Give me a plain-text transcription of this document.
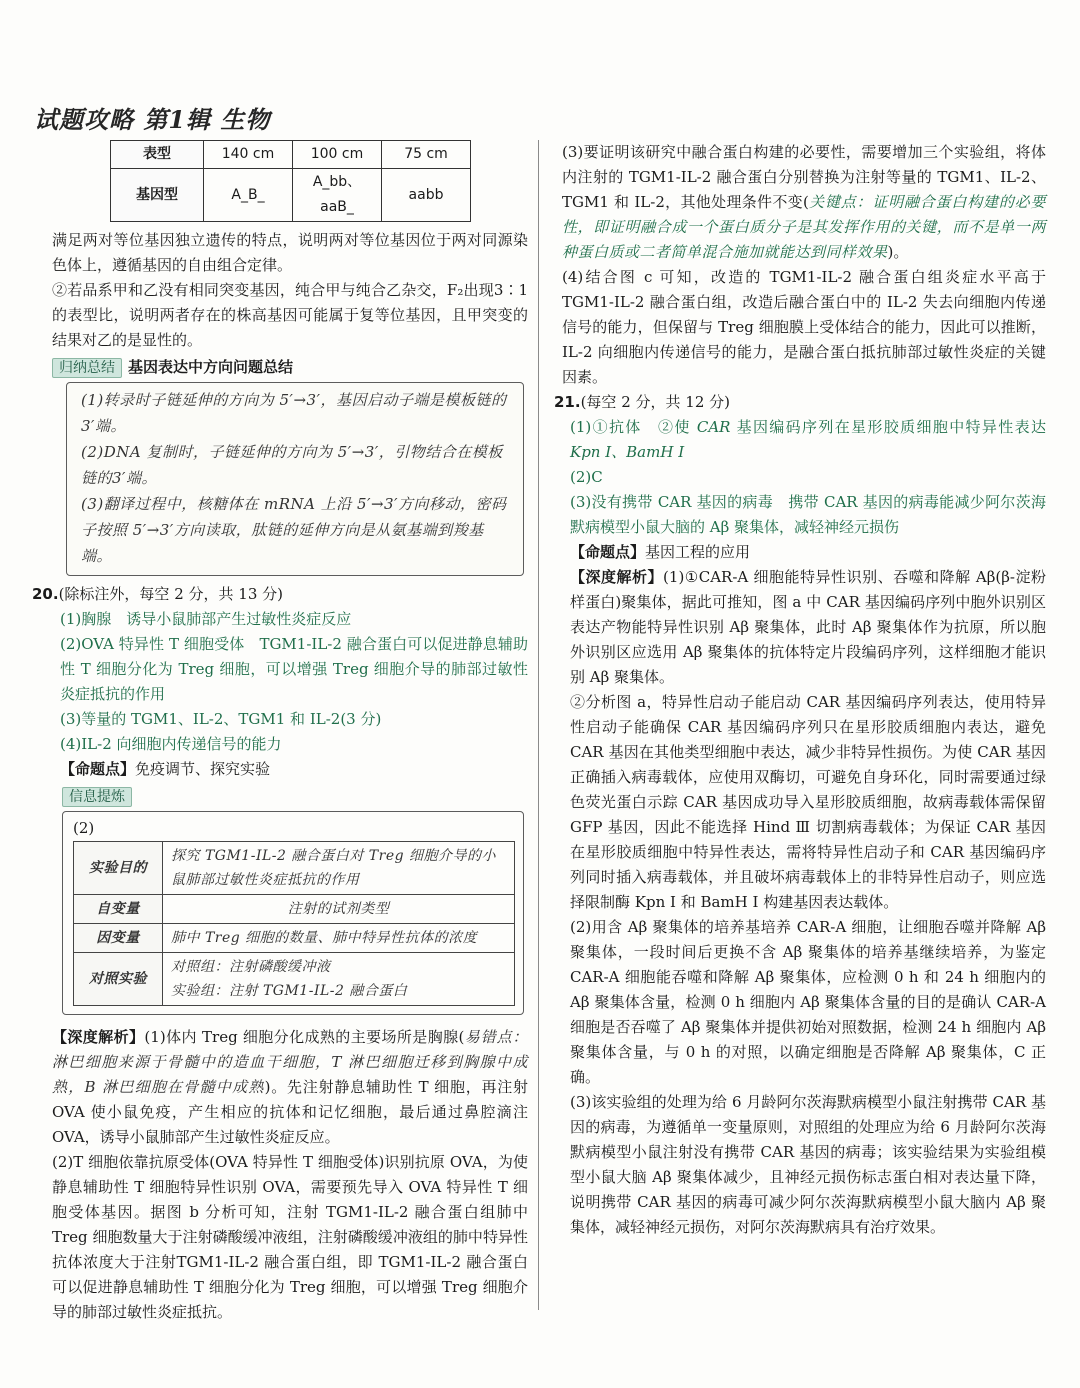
试题攻略 第1辑 生物
表型	140 cm	100 cm	75 cm
基因型	A_B_	A_bb、aaB_	aabb

满足两对等位基因独立遗传的特点，说明两对等位基因位于两对同源染色体上，遵循基因的自由组合定律。

②若品系甲和乙没有相同突变基因，纯合甲与纯合乙杂交，F₂出现3∶1的表型比，说明两者存在的株高基因可能属于复等位基因，且甲突变的结果对乙的是显性的。

归纳总结 基因表达中方向问题总结
(1)转录时子链延伸的方向为 5′→3′，基因启动子端是模板链的3′端。
(2)DNA 复制时，子链延伸的方向为 5′→3′，引物结合在模板链的3′端。
(3)翻译过程中，核糖体在 mRNA 上沿 5′→3′方向移动，密码子按照 5′→3′方向读取，肽链的延伸方向是从氨基端到羧基端。
20.(除标注外，每空 2 分，共 13 分)

(1)胸腺　诱导小鼠肺部产生过敏性炎症反应

(2)OVA 特异性 T 细胞受体　TGM1-IL-2 融合蛋白可以促进静息辅助性 T 细胞分化为 Treg 细胞，可以增强 Treg 细胞介导的肺部过敏性炎症抵抗的作用

(3)等量的 TGM1、IL-2、TGM1 和 IL-2(3 分)

(4)IL-2 向细胞内传递信号的能力

【命题点】免疫调节、探究实验

信息提炼
(2)
实验目的	探究 TGM1-IL-2 融合蛋白对 Treg 细胞介导的小鼠肺部过敏性炎症抵抗的作用
自变量	注射的试剂类型
因变量	肺中 Treg 细胞的数量、肺中特异性抗体的浓度
对照实验	对照组：注射磷酸缓冲液
实验组：注射 TGM1-IL-2 融合蛋白

【深度解析】(1)体内 Treg 细胞分化成熟的主要场所是胸腺(易错点：淋巴细胞来源于骨髓中的造血干细胞，T 淋巴细胞迁移到胸腺中成熟，B 淋巴细胞在骨髓中成熟)。先注射静息辅助性 T 细胞，再注射 OVA 使小鼠免疫，产生相应的抗体和记忆细胞，最后通过鼻腔滴注 OVA，诱导小鼠肺部产生过敏性炎症反应。

(2)T 细胞依靠抗原受体(OVA 特异性 T 细胞受体)识别抗原 OVA，为使静息辅助性 T 细胞特异性识别 OVA，需要预先导入 OVA 特异性 T 细胞受体基因。据图 b 分析可知，注射 TGM1-IL-2 融合蛋白组肺中 Treg 细胞数量大于注射磷酸缓冲液组，注射磷酸缓冲液组的肺中特异性抗体浓度大于注射TGM1-IL-2 融合蛋白组，即 TGM1-IL-2 融合蛋白可以促进静息辅助性 T 细胞分化为 Treg 细胞，可以增强 Treg 细胞介导的肺部过敏性炎症抵抗。

(3)要证明该研究中融合蛋白构建的必要性，需要增加三个实验组，将体内注射的 TGM1-IL-2 融合蛋白分别替换为注射等量的 TGM1、IL-2、TGM1 和 IL-2，其他处理条件不变(关键点：证明融合蛋白构建的必要性，即证明融合成一个蛋白质分子是其发挥作用的关键，而不是单一两种蛋白质或二者简单混合施加就能达到同样效果)。

(4)结合图 c 可知，改造的 TGM1-IL-2 融合蛋白组炎症水平高于 TGM1-IL-2 融合蛋白组，改造后融合蛋白中的 IL-2 失去向细胞内传递信号的能力，但保留与 Treg 细胞膜上受体结合的能力，因此可以推断，IL-2 向细胞内传递信号的能力，是融合蛋白抵抗肺部过敏性炎症的关键因素。

21.(每空 2 分，共 12 分)

(1)①抗体　②使 CAR 基因编码序列在星形胶质细胞中特异性表达　Kpn Ⅰ、BamH Ⅰ

(2)C

(3)没有携带 CAR 基因的病毒　携带 CAR 基因的病毒能减少阿尔茨海默病模型小鼠大脑的 Aβ 聚集体，减轻神经元损伤

【命题点】基因工程的应用

【深度解析】(1)①CAR-A 细胞能特异性识别、吞噬和降解 Aβ(β-淀粉样蛋白)聚集体，据此可推知，图 a 中 CAR 基因编码序列中胞外识别区表达产物能特异性识别 Aβ 聚集体，此时 Aβ 聚集体作为抗原，所以胞外识别区应选用 Aβ 聚集体的抗体特定片段编码序列，这样细胞才能识别 Aβ 聚集体。

②分析图 a，特异性启动子能启动 CAR 基因编码序列表达，使用特异性启动子能确保 CAR 基因编码序列只在星形胶质细胞内表达，避免 CAR 基因在其他类型细胞中表达，减少非特异性损伤。为使 CAR 基因正确插入病毒载体，应使用双酶切，可避免自身环化，同时需要通过绿色荧光蛋白示踪 CAR 基因成功导入星形胶质细胞，故病毒载体需保留 GFP 基因，因此不能选择 Hind Ⅲ 切割病毒载体；为保证 CAR 基因在星形胶质细胞中特异性表达，需将特异性启动子和 CAR 基因编码序列同时插入病毒载体，并且破坏病毒载体上的非特异性启动子，则应选择限制酶 Kpn Ⅰ 和 BamH Ⅰ 构建基因表达载体。

(2)用含 Aβ 聚集体的培养基培养 CAR-A 细胞，让细胞吞噬并降解 Aβ 聚集体，一段时间后更换不含 Aβ 聚集体的培养基继续培养，为鉴定 CAR-A 细胞能吞噬和降解 Aβ 聚集体，应检测 0 h 和 24 h 细胞内的 Aβ 聚集体含量，检测 0 h 细胞内 Aβ 聚集体含量的目的是确认 CAR-A 细胞是否吞噬了 Aβ 聚集体并提供初始对照数据，检测 24 h 细胞内 Aβ 聚集体含量，与 0 h 的对照，以确定细胞是否降解 Aβ 聚集体，C 正确。

(3)该实验组的处理为给 6 月龄阿尔茨海默病模型小鼠注射携带 CAR 基因的病毒，为遵循单一变量原则，对照组的处理应为给 6 月龄阿尔茨海默病模型小鼠注射没有携带 CAR 基因的病毒；该实验结果为实验组模型小鼠大脑 Aβ 聚集体减少，且神经元损伤标志蛋白相对表达量下降，说明携带 CAR 基因的病毒可减少阿尔茨海默病模型小鼠大脑内 Aβ 聚集体，减轻神经元损伤，对阿尔茨海默病具有治疗效果。
